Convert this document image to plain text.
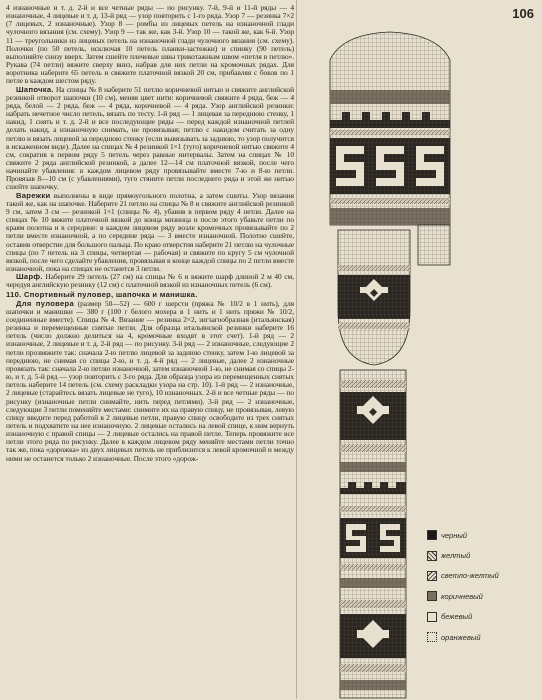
4 изнаночные и т. д. 2-й и все четные ряды — по рисунку. 7-й, 9-й и 11-й ряды — 4 изнаночные, 4 лицевые и т. д. 13-й ряд — узор повторить с 1-го ряда. Узор 7 — резинка 7×2 (7 лицевых, 2 изнаночные). Узор 8 — ромбы из лицевых петель на изнаночной глади чулочного вязания (см. схему). Узор 9 — так же, как 3-й. Узор 10 — такой же, как 6-й. Узор 11 — треугольники из лицевых петель на изнаночной глади чулочного вязания (см. схему). Полочки (по 50 петель, исключая 10 петель планки-застежки) и спинку (90 петель) выполняйте снизу вверх. Затем сшейте плечевые швы трикотажным швом «петля в петлю». Рукава (74 петли) вяжите сверху вниз, набрав для них петли на кромочных рядах. Для воротника наберите 65 петель и свяжите платочной вязкой 20 см, прибавляя с боков по 1 петле в каждом шестом ряду.

Шапочка. На спицы № 8 наберите 51 петлю коричневой нитью и свяжите английской резинкой отворот шапочки (10 см), меняя цвет нити: коричневой свяжите 4 ряда, беж — 4 ряда, белой — 2 ряда, беж — 4 ряда, коричневой — 4 ряда. Узор английской резинки: набрать нечетное число петель, вязать по тесту. 1-й ряд — 1 лицевая за переднюю стенку, 1 накид, 1 снять и т. д. 2-й и все последующие ряды — перед каждой изнаночной петлей делать накид, а изнаночную снимать, не провязывая; петлю с накидом считать за одну петлю и вязать лицевой за переднюю стенку (если вывязывать за заднюю, то узор получится в искаженном виде). Далее на спицах № 4 резинкой 1×1 (туго) коричневой нитью свяжите 4 см, сократив в первом ряду 5 петель через равные интервалы. Затем на спицах № 10 свяжите 2 ряда английской резинкой, а далее 12—14 см платочной вязкой, после чего начинайте убавления: в каждом лицевом ряду провязывайте вместе 7-ю и 8-ю петли. Провязав 8—10 см (с убавлениями), туго стяните петли последнего ряда и этой же нитью сшейте шапочку.

Варежки выполнены в виде прямоугольного полотна, а затем сшиты. Узор вязания такой же, как на шапочке. Наберите 21 петлю на спицы № 8 и свяжите английской резинкой 9 см, затем 3 см — резинкой 1×1 (спицы № 4), убавив в первом ряду 4 петли. Далее на спицах № 10 вяжите платочной вязкой до конца мизинца и после этого убавьте петли по краям полотна и в середине: в каждом лицевом ряду возле кромочных провязывайте по 2 петли вместе изнаночной, а по середине ряда — 3 вместе изнаночной. Полотно сшейте, оставив отверстие для большого пальца. По краю отверстия наберите 21 петлю на чулочные спицы (по 7 петель на 3 спицы, четвертая — рабочая) и свяжите по кругу 5 см чулочной вязкой, после чего сделайте убавления, провязывая в конце каждой спицы по 2 петли вместе изнаночной, пока на спицах не останется 3 петли.

Шарф. Наберите 29 петель (27 см) на спицы № 6 и вяжите шарф длиной 2 м 40 см, чередуя английскую резинку (12 см) с платочной вязкой из изнаночных петель (6 см).

110. Спортивный пуловер, шапочка и манишка.

Для пуловера (размер 50—52) — 600 г шерсти (пряжа № 10/2 в 1 нить), для шапочки и манишки — 380 г (100 г белого мохера в 1 нить и 1 нить пряжи № 10/2, соединенные вместе). Спицы № 4. Вязание — резинка 2×2, зигзагообразная (итальянская) резинка и перемещенные снятые петли. Для образца итальянской резинки наберите 16 петель (число должно делиться на 4, кромочные входят в этот счет). 1-й ряд — 2 изнаночные, 2 лицевые и т. д. 2-й ряд — по рисунку. 3-й ряд — 2 изнаночные, следующие 2 петли прозвяжите так: сначала 2-ю петлю лицевой за заднюю стенку, затем 1-ю лицевой за переднюю, не снимая со спицы 2-ю, и т. д. 4-й ряд — 2 лицевые, далее 2 изнаночные провязать так: сначала 2-ю петлю изнаночной, затем изнаночной 1-ю, не снимая со спицы 2-ю, и т. д. 5-й ряд — узор повторить с 3-го ряда. Для образца узора из перемещенных снятых петель наберите 14 петель (см. схему раскладки узора на стр. 10). 1-й ряд — 2 изнаночные, 2 лицевые (старайтесь вязать лицевые не туго), 10 изнаночных. 2-й и все четные ряды — по рисунку (изнаночные петли снимайте, нить перед петлями). 3-й ряд — 2 изнаночные, следующие 3 петли поменяйте местами: снимите их на правую спицу, не провязывая, левую спицу введите перед работой в 2 лицевые петли, правую спицу освободите из трех снятых петель и подхватите на нее изнаночную. 2 лицевые остались на левой спице, к ним вернуть изнаночную с правой спицы — 2 лицевые остались на правой петле. Теперь провяжите все петли этого ряда по рисунку. Далее в каждом лицевом ряду меняйте местами петли точно так же, пока «дорожка» из двух лицевых петель не приблизится к левой кромочной и между ними не останется только 2 изнаночные. После этого «дорож-

106
черный
желтый
светло-желтый
коричневый
бежевый
оранжевый
